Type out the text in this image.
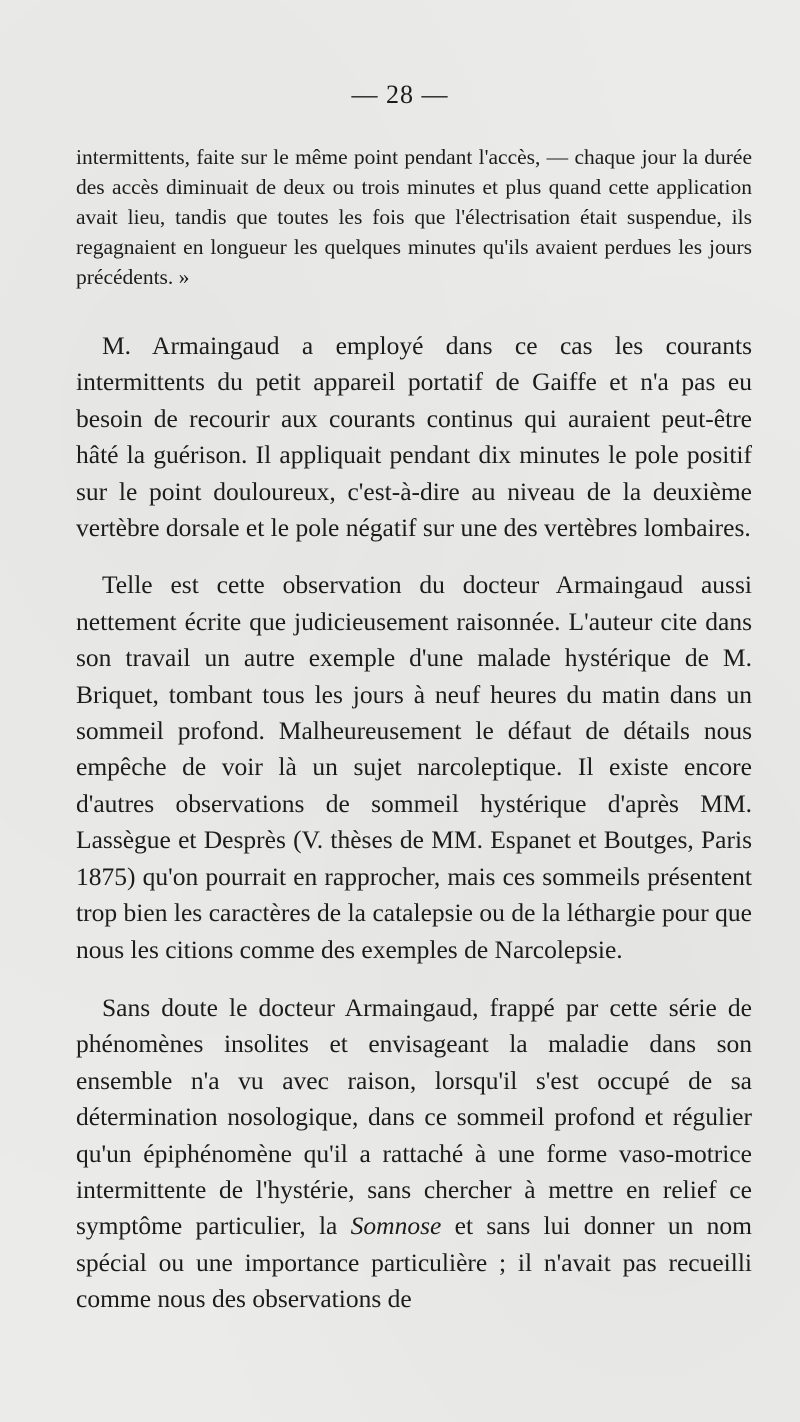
— 28 —

intermittents, faite sur le même point pendant l'accès, — chaque jour la durée des accès diminuait de deux ou trois minutes et plus quand cette application avait lieu, tandis que toutes les fois que l'électrisation était suspendue, ils regagnaient en longueur les quelques minutes qu'ils avaient perdues les jours précédents. »

M. Armaingaud a employé dans ce cas les courants intermittents du petit appareil portatif de Gaiffe et n'a pas eu besoin de recourir aux courants continus qui auraient peut-être hâté la guérison. Il appliquait pendant dix minutes le pole positif sur le point douloureux, c'est-à-dire au niveau de la deuxième vertèbre dorsale et le pole négatif sur une des vertèbres lombaires.

Telle est cette observation du docteur Armaingaud aussi nettement écrite que judicieusement raisonnée. L'auteur cite dans son travail un autre exemple d'une malade hystérique de M. Briquet, tombant tous les jours à neuf heures du matin dans un sommeil profond. Malheureusement le défaut de détails nous empêche de voir là un sujet narcoleptique. Il existe encore d'autres observations de sommeil hystérique d'après MM. Lassègue et Desprès (V. thèses de MM. Espanet et Boutges, Paris 1875) qu'on pourrait en rapprocher, mais ces sommeils présentent trop bien les caractères de la catalepsie ou de la léthargie pour que nous les citions comme des exemples de Narcolepsie.

Sans doute le docteur Armaingaud, frappé par cette série de phénomènes insolites et envisageant la maladie dans son ensemble n'a vu avec raison, lorsqu'il s'est occupé de sa détermination nosologique, dans ce sommeil profond et régulier qu'un épiphénomène qu'il a rattaché à une forme vaso-motrice intermittente de l'hystérie, sans chercher à mettre en relief ce symptôme particulier, la Somnose et sans lui donner un nom spécial ou une importance particulière ; il n'avait pas recueilli comme nous des observations de
